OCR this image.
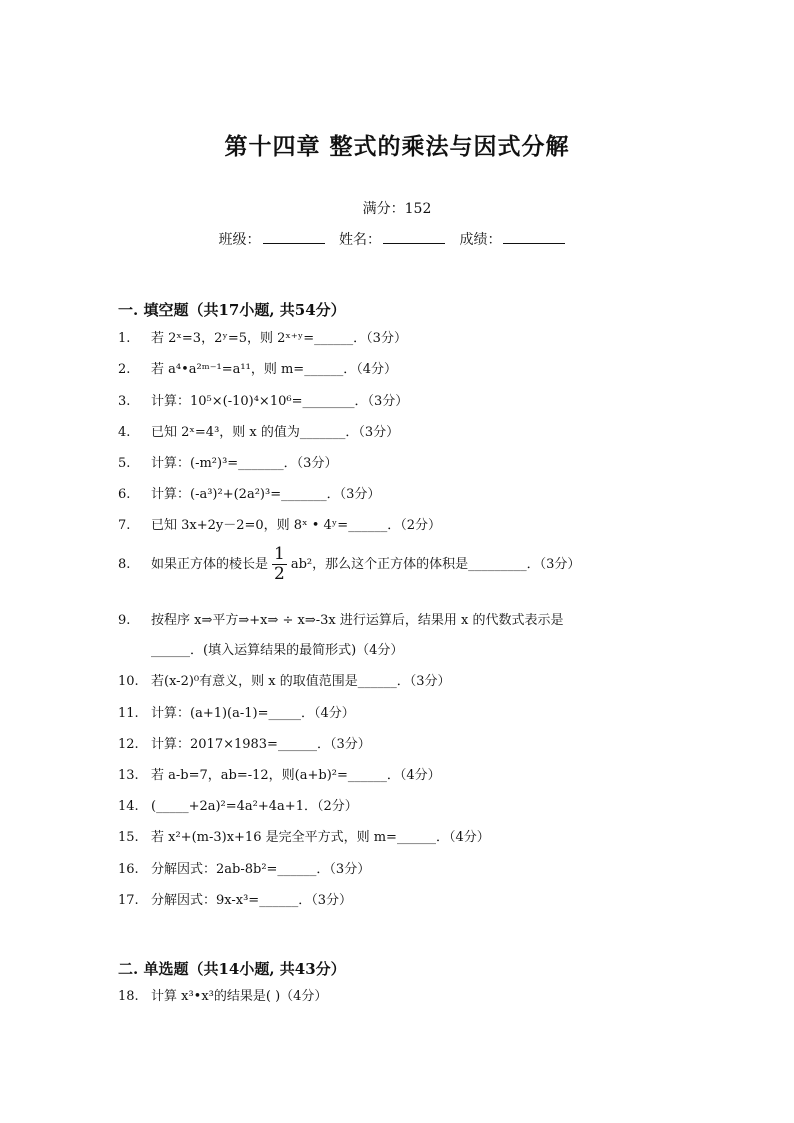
第十四章 整式的乘法与因式分解
满分：152
班级：	姓名：	成绩：
一. 填空题（共17小题, 共54分）
1. 若 2ˣ=3，2ʸ=5，则 2ˣ⁺ʸ=______．（3分）
2. 若 a⁴•a²ᵐ⁻¹=a¹¹，则 m=______．（4分）
3. 计算：10⁵×(-10)⁴×10⁶=________．（3分）
4. 已知 2ˣ=4³，则 x 的值为_______．（3分）
5. 计算：(-m²)³=_______．（3分）
6. 计算：(-a³)²+(2a²)³=_______．（3分）
7. 已知 3x+2y－2=0，则 8ˣ • 4ʸ=______．（2分）
8. 如果正方体的棱长是 $\frac{1}{2} ab^2$，那么这个正方体的体积是_________．（3分）
9. 按程序 x⇒平方⇒+x⇒ ÷ x⇒-3x 进行运算后，结果用 x 的代数式表示是
______．(填入运算结果的最简形式)（4分）
10. 若(x-2)⁰有意义，则 x 的取值范围是______．（3分）
11. 计算：(a+1)(a-1)=_____．（4分）
12. 计算：2017×1983=______．（3分）
13. 若 a-b=7，ab=-12，则(a+b)²=______．（4分）
14. (_____+2a)²=4a²+4a+1．（2分）
15. 若 x²+(m-3)x+16 是完全平方式，则 m=______．（4分）
16. 分解因式：2ab-8b²=______．（3分）
17. 分解因式：9x-x³=______．（3分）
二. 单选题（共14小题, 共43分）
18. 计算 x³•x³的结果是( )（4分）
